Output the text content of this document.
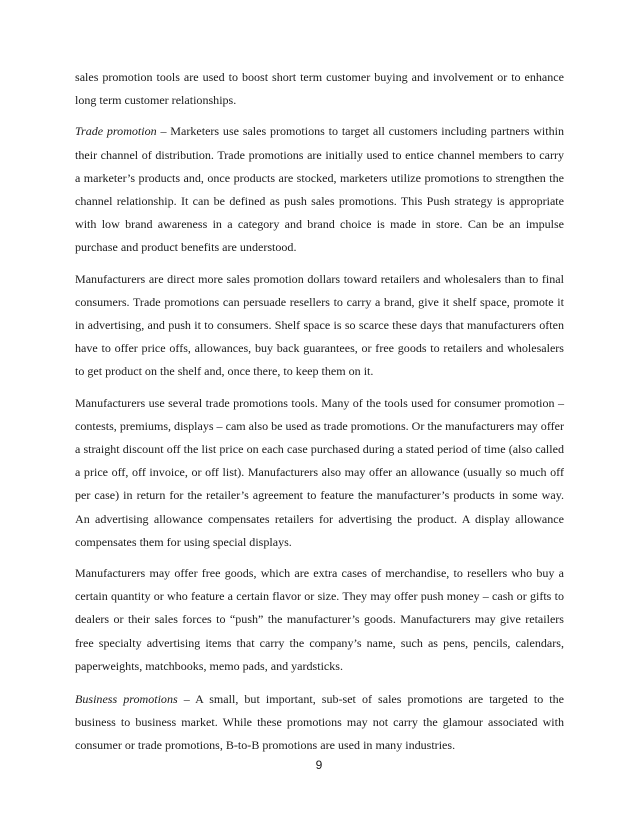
sales promotion tools are used to boost short term customer buying and involvement or to enhance long term customer relationships.

Trade promotion – Marketers use sales promotions to target all customers including partners within their channel of distribution. Trade promotions are initially used to entice channel members to carry a marketer’s products and, once products are stocked, marketers utilize promotions to strengthen the channel relationship. It can be defined as push sales promotions. This Push strategy is appropriate with low brand awareness in a category and brand choice is made in store. Can be an impulse purchase and product benefits are understood.

Manufacturers are direct more sales promotion dollars toward retailers and wholesalers than to final consumers. Trade promotions can persuade resellers to carry a brand, give it shelf space, promote it in advertising, and push it to consumers. Shelf space is so scarce these days that manufacturers often have to offer price offs, allowances, buy back guarantees, or free goods to retailers and wholesalers to get product on the shelf and, once there, to keep them on it.

Manufacturers use several trade promotions tools. Many of the tools used for consumer promotion – contests, premiums, displays – cam also be used as trade promotions. Or the manufacturers may offer a straight discount off the list price on each case purchased during a stated period of time (also called a price off, off invoice, or off list). Manufacturers also may offer an allowance (usually so much off per case) in return for the retailer’s agreement to feature the manufacturer’s products in some way. An advertising allowance compensates retailers for advertising the product. A display allowance compensates them for using special displays.

Manufacturers may offer free goods, which are extra cases of merchandise, to resellers who buy a certain quantity or who feature a certain flavor or size. They may offer push money – cash or gifts to dealers or their sales forces to “push” the manufacturer’s goods. Manufacturers may give retailers free specialty advertising items that carry the company’s name, such as pens, pencils, calendars, paperweights, matchbooks, memo pads, and yardsticks.

Business promotions – A small, but important, sub-set of sales promotions are targeted to the business to business market. While these promotions may not carry the glamour associated with consumer or trade promotions, B-to-B promotions are used in many industries.

9
